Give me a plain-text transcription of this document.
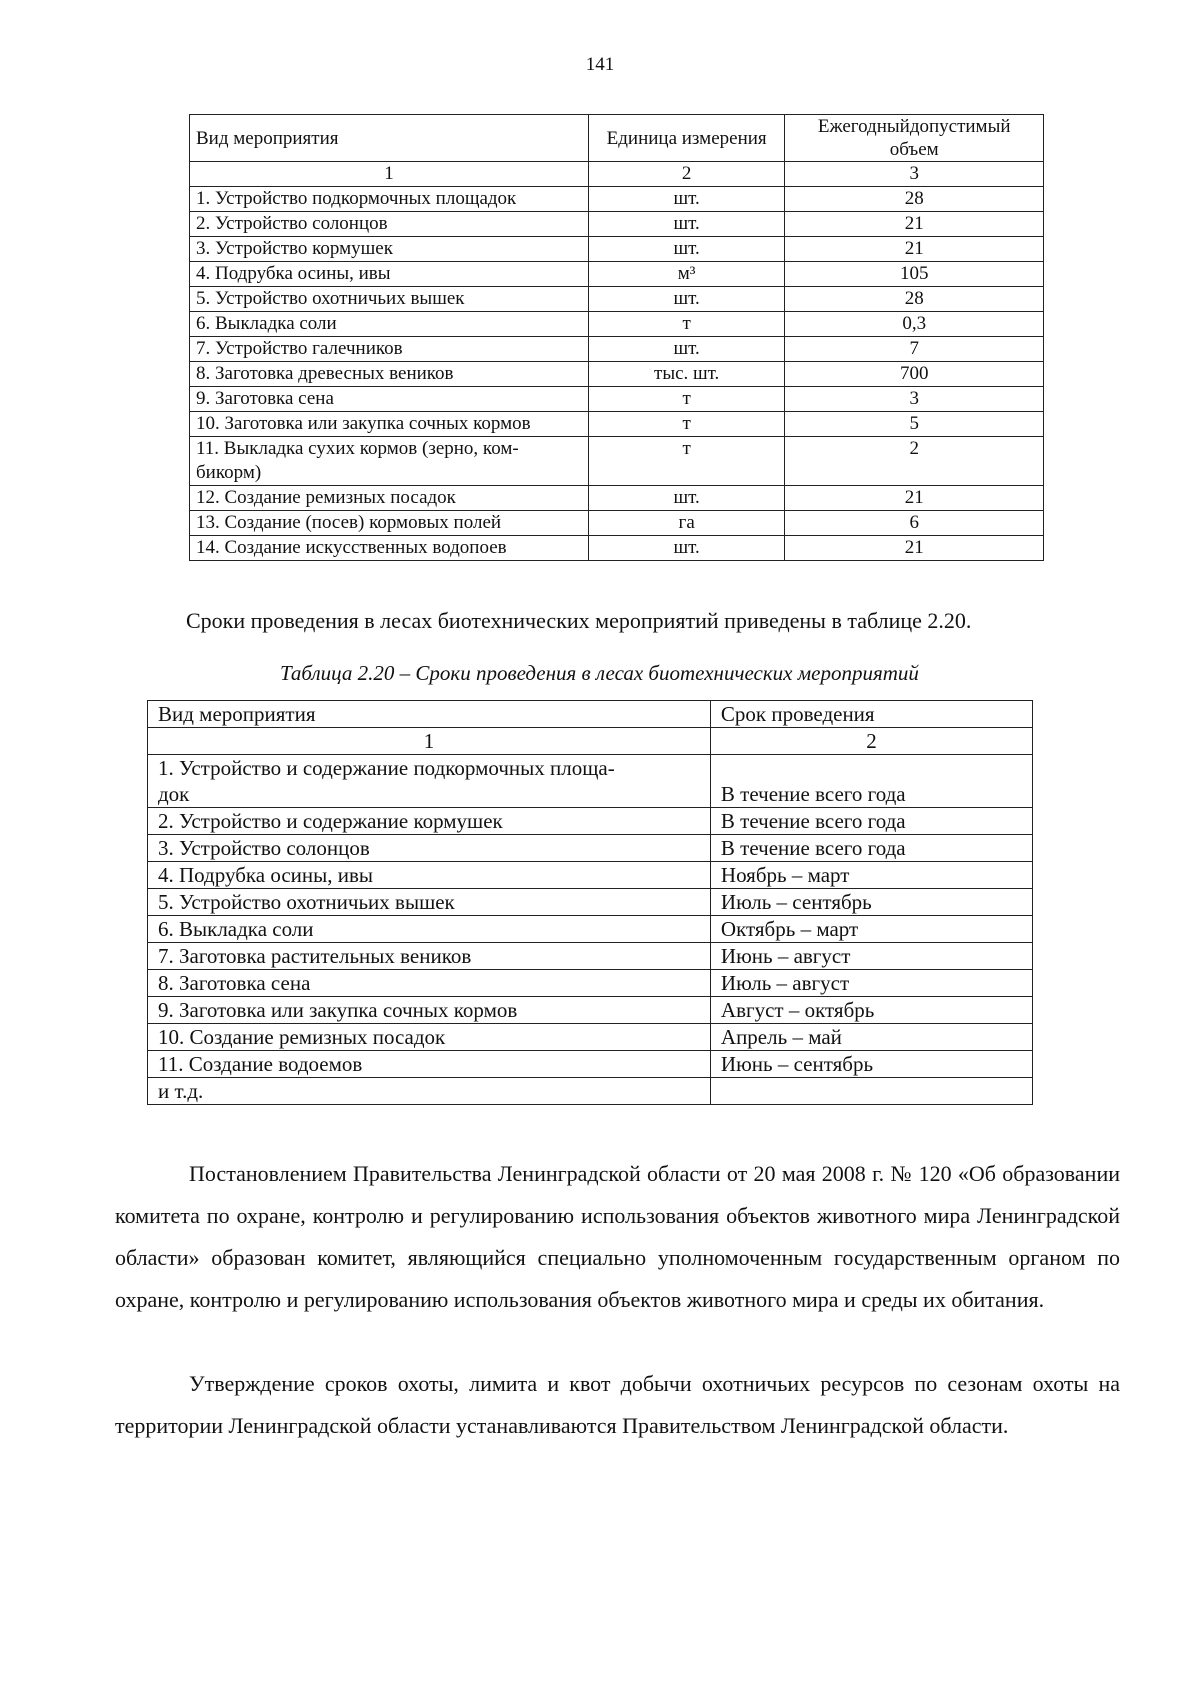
141
Вид мероприятия	Единица измерения	Ежегодныйдопустимый объем
1	2	3
1. Устройство подкормочных площадок	шт.	28
2. Устройство солонцов	шт.	21
3. Устройство кормушек	шт.	21
4. Подрубка осины, ивы	м³	105
5. Устройство охотничьих вышек	шт.	28
6. Выкладка соли	т	0,3
7. Устройство галечников	шт.	7
8. Заготовка древесных веников	тыс. шт.	700
9. Заготовка сена	т	3
10. Заготовка или закупка сочных кормов	т	5
11. Выкладка сухих кормов (зерно, ком-
бикорм)	т	2
12. Создание ремизных посадок	шт.	21
13. Создание (посев) кормовых полей	га	6
14. Создание искусственных водопоев	шт.	21
Сроки проведения в лесах биотехнических мероприятий приведены в таблице 2.20.
Таблица 2.20 – Сроки проведения в лесах биотехнических мероприятий
Вид мероприятия	Срок проведения
1	2
1. Устройство и содержание подкормочных площа-
док	В течение всего года
2. Устройство и содержание кормушек	В течение всего года
3. Устройство солонцов	В течение всего года
4. Подрубка осины, ивы	Ноябрь – март
5. Устройство охотничьих вышек	Июль – сентябрь
6. Выкладка соли	Октябрь – март
7. Заготовка растительных веников	Июнь – август
8. Заготовка сена	Июль – август
9. Заготовка или закупка сочных кормов	Август – октябрь
10. Создание ремизных посадок	Апрель – май
11. Создание водоемов	Июнь – сентябрь
и т.д.	

Постановлением Правительства Ленинградской области от 20 мая 2008 г. № 120 «Об образовании комитета по охране, контролю и регулированию использования объектов животного мира Ленинградской области» образован комитет, являющийся специально уполномоченным государственным органом по охране, контролю и регулированию использования объектов животного мира и среды их обитания.

Утверждение сроков охоты, лимита и квот добычи охотничьих ресурсов по сезонам охоты на территории Ленинградской области устанавливаются Правительством Ленинградской области.
